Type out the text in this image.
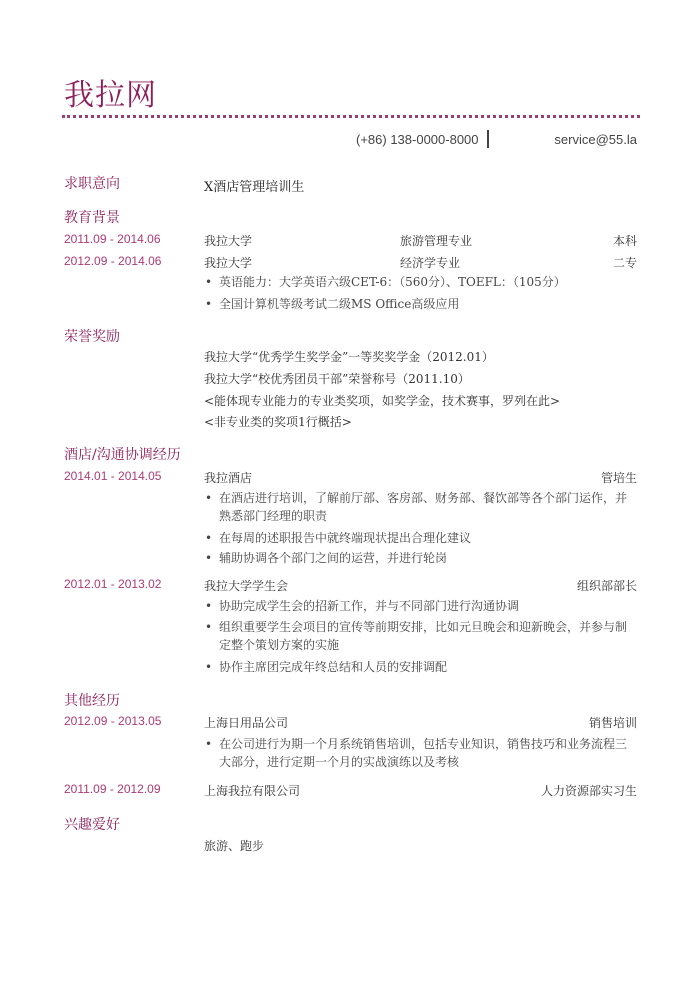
我拉网
(+86) 138-0000-8000	service@55.la
求职意向	X酒店管理培训生
教育背景
2011.09 - 2014.06	我拉大学	旅游管理专业	本科
2012.09 - 2014.06	我拉大学	经济学专业	二专
• 英语能力：大学英语六级CET-6：（560分）、TOEFL：（105分）
• 全国计算机等级考试二级MS Office高级应用
荣誉奖励
我拉大学“优秀学生奖学金”一等奖奖学金（2012.01）
我拉大学“校优秀团员干部”荣誉称号（2011.10）
<能体现专业能力的专业类奖项，如奖学金，技术赛事，罗列在此>
<非专业类的奖项1行概括>
酒店/沟通协调经历
2014.01 - 2014.05	我拉酒店	管培生
• 在酒店进行培训，了解前厅部、客房部、财务部、餐饮部等各个部门运作，并熟悉部门经理的职责
• 在每周的述职报告中就终端现状提出合理化建议
• 辅助协调各个部门之间的运营，并进行轮岗
2012.01 - 2013.02	我拉大学学生会	组织部部长
• 协助完成学生会的招新工作，并与不同部门进行沟通协调
• 组织重要学生会项目的宣传等前期安排，比如元旦晚会和迎新晚会，并参与制定整个策划方案的实施
• 协作主席团完成年终总结和人员的安排调配
其他经历
2012.09 - 2013.05	上海日用品公司	销售培训
• 在公司进行为期一个月系统销售培训，包括专业知识，销售技巧和业务流程三大部分，进行定期一个月的实战演练以及考核
2011.09 - 2012.09	上海我拉有限公司	人力资源部实习生
兴趣爱好
旅游、跑步
